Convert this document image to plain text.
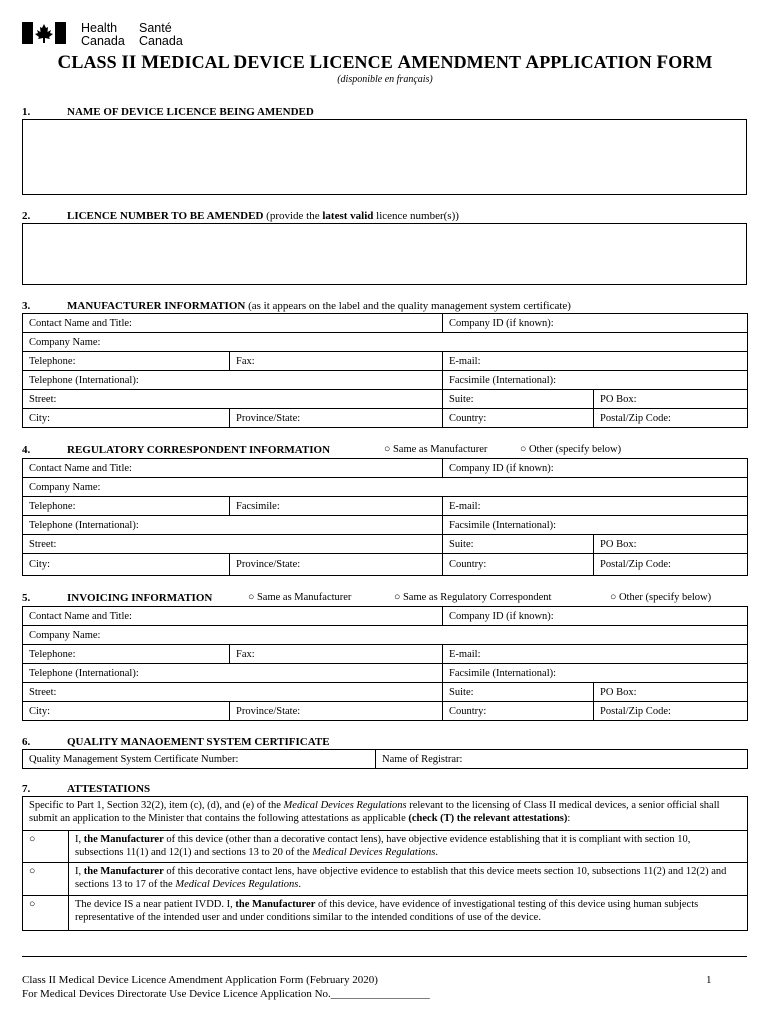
Health
Canada
Santé
Canada
CLASS II MEDICAL DEVICE LICENCE AMENDMENT APPLICATION FORM
(disponible en français)
1.	NAME OF DEVICE LICENCE BEING AMENDED
2.	LICENCE NUMBER TO BE AMENDED (provide the latest valid licence number(s))
3.	MANUFACTURER INFORMATION (as it appears on the label and the quality management system certificate)
Contact Name and Title:		Company ID (if known):	
Company Name:			
Telephone:	Fax:	E-mail:	
Telephone (International):		Facsimile (International):	
Street:		Suite:	PO Box:
City:	Province/State:	Country:	Postal/Zip Code:
4.	REGULATORY CORRESPONDENT INFORMATION	○ Same as Manufacturer	○ Other (specify below)
Contact Name and Title:		Company ID (if known):	
Company Name:			
Telephone:	Facsimile:	E-mail:	
Telephone (International):		Facsimile (International):	
Street:		Suite:	PO Box:
City:	Province/State:	Country:	Postal/Zip Code:
5.	INVOICING INFORMATION	○ Same as Manufacturer	○ Same as Regulatory Correspondent	○ Other (specify below)
Contact Name and Title:		Company ID (if known):	
Company Name:			
Telephone:	Fax:	E-mail:	
Telephone (International):		Facsimile (International):	
Street:		Suite:	PO Box:
City:	Province/State:	Country:	Postal/Zip Code:
6.	QUALITY MANAOEMENT SYSTEM CERTIFICATE
Quality Management System Certificate Number:	Name of Registrar:
7.	ATTESTATIONS
Specific to Part 1, Section 32(2), item (c), (d), and (e) of the Medical Devices Regulations relevant to the licensing of Class II medical devices, a senior official shall submit an application to the Minister that contains the following attestations as applicable (check (T) the relevant attestations):	
○	I, the Manufacturer of this device (other than a decorative contact lens), have objective evidence establishing that it is compliant with section 10, subsections 11(1) and 12(1) and sections 13 to 20 of the Medical Devices Regulations.
○	I, the Manufacturer of this decorative contact lens, have objective evidence to establish that this device meets section 10, subsections 11(2) and 12(2) and sections 13 to 17 of the Medical Devices Regulations.
○	The device IS a near patient IVDD. I, the Manufacturer of this device, have evidence of investigational testing of this device using human subjects representative of the intended user and under conditions similar to the intended conditions of use of the device.
Class II Medical Device Licence Amendment Application Form (February 2020)
For Medical Devices Directorate Use Device Licence Application No.__________________
1
